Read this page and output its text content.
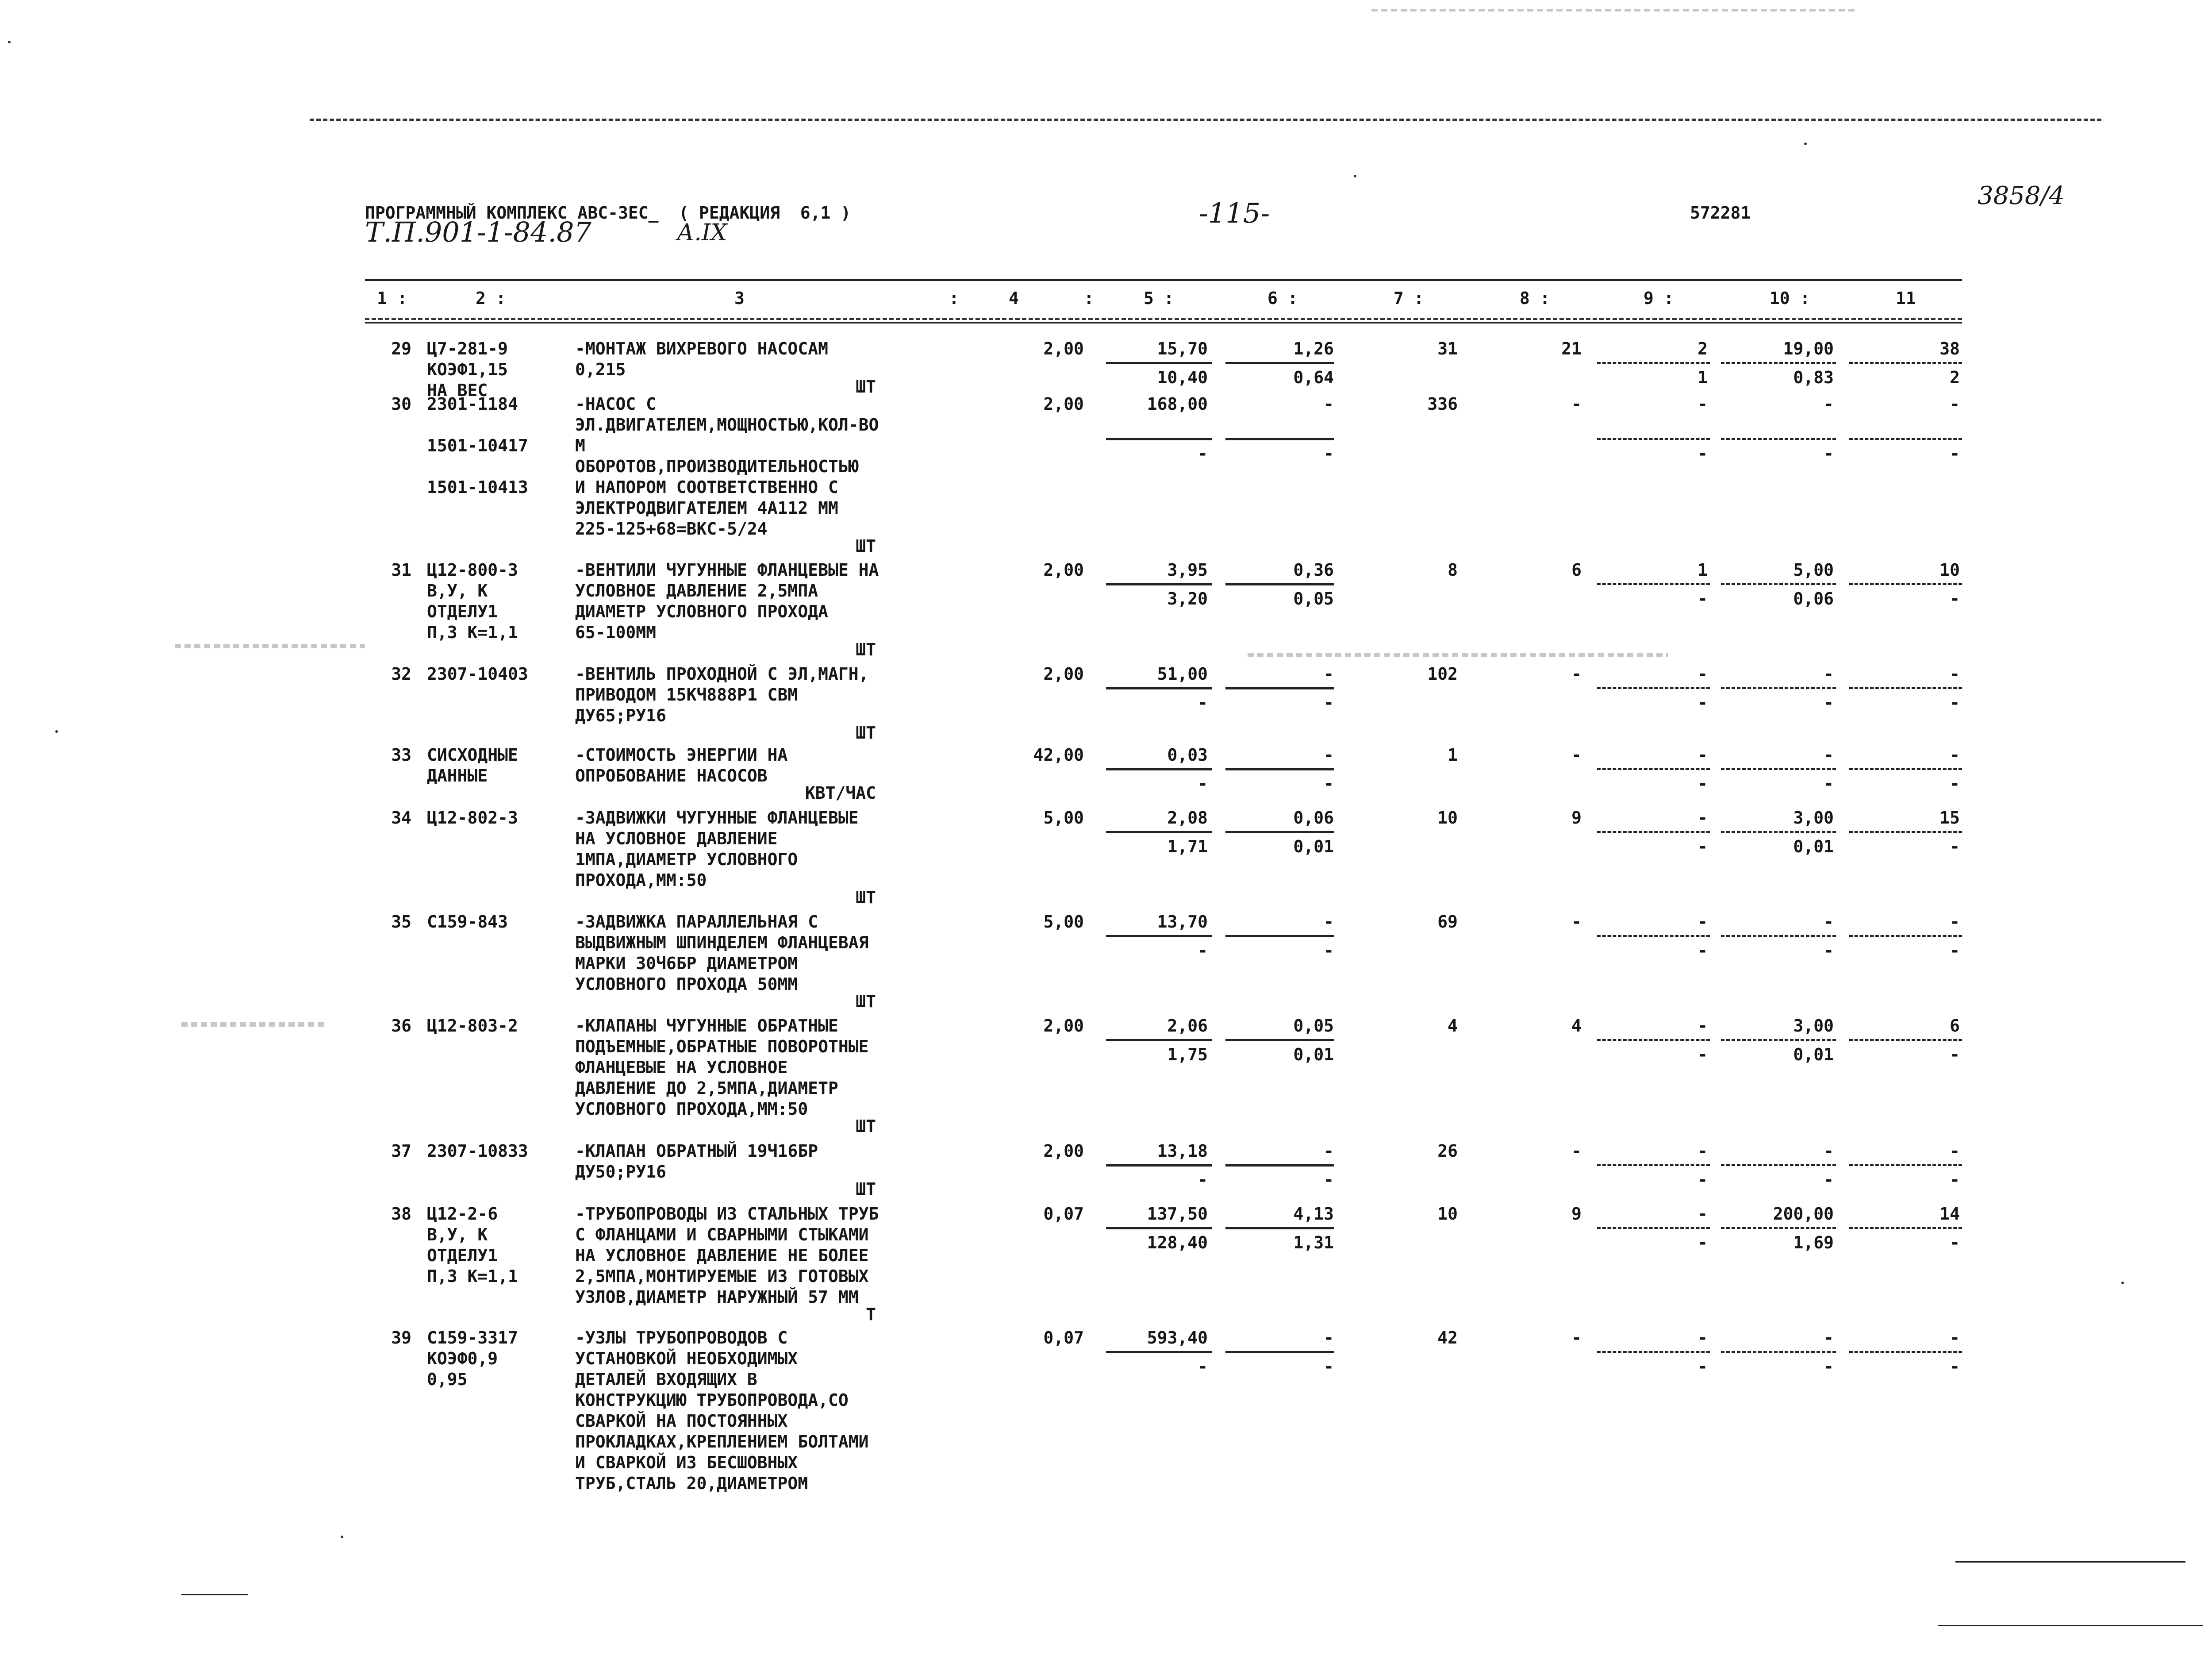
ПРОГРАММНЫЙ КОМПЛЕКС АВС-3ЕС_  ( РЕДАКЦИЯ  6,1 )	-115-	572281
Т.П.901-1-84.87	А.IX
3858/4
1 :	2 :	3	:	4	:	5 :	6 :	7 :	8 :	9 :	10 :	11
29 Ц7-281-9
КОЭФ1,15
НА ВЕС
-МОНТАЖ ВИХРЕВОГО НАСОСАМ
0,215
ШТ
2,00	15,70	1,26	31	21	2	19,00	38
10,40	0,64	1	0,83	2
30 2301-1184
1501-10417
1501-10413
-НАСОС С
ЭЛ.ДВИГАТЕЛЕМ,МОЩНОСТЬЮ,КОЛ-ВО
М
ОБОРОТОВ,ПРОИЗВОДИТЕЛЬНОСТЬЮ
И НАПОРОМ СООТВЕТСТВЕННО С
ЭЛЕКТРОДВИГАТЕЛЕМ 4А112 ММ
225-125+68=ВКС-5/24
ШТ
2,00	168,00	-	336	-	-	-	-
-	-	-	-	-
31 Ц12-800-3
В,У, К
ОТДЕЛУ1
П,3 К=1,1
-ВЕНТИЛИ ЧУГУННЫЕ ФЛАНЦЕВЫЕ НА
УСЛОВНОЕ ДАВЛЕНИЕ 2,5МПА
ДИАМЕТР УСЛОВНОГО ПРОХОДА
65-100ММ
ШТ
2,00	3,95	0,36	8	6	1	5,00	10
3,20	0,05	-	0,06	-
32 2307-10403	-ВЕНТИЛЬ ПРОХОДНОЙ С ЭЛ,МАГН,
ПРИВОДОМ 15КЧ888Р1 СВМ
ДУ65;РУ16
ШТ
2,00	51,00	-	102	-	-	-	-
-	-	-	-	-
33 СИСХОДНЫЕ
ДАННЫЕ
-СТОИМОСТЬ ЭНЕРГИИ НА
ОПРОБОВАНИЕ НАСОСОВ
КВТ/ЧАС
42,00	0,03	-	1	-	-	-	-
-	-	-	-	-
34 Ц12-802-3	-ЗАДВИЖКИ ЧУГУННЫЕ ФЛАНЦЕВЫЕ
НА УСЛОВНОЕ ДАВЛЕНИЕ
1МПА,ДИАМЕТР УСЛОВНОГО
ПРОХОДА,ММ:50
ШТ
5,00	2,08	0,06	10	9	-	3,00	15
1,71	0,01	-	0,01	-
35 С159-843	-ЗАДВИЖКА ПАРАЛЛЕЛЬНАЯ С
ВЫДВИЖНЫМ ШПИНДЕЛЕМ ФЛАНЦЕВАЯ
МАРКИ 30Ч6БР ДИАМЕТРОМ
УСЛОВНОГО ПРОХОДА 50ММ
ШТ
5,00	13,70	-	69	-	-	-	-
-	-	-	-	-
36 Ц12-803-2	-КЛАПАНЫ ЧУГУННЫЕ ОБРАТНЫЕ
ПОДЪЕМНЫЕ,ОБРАТНЫЕ ПОВОРОТНЫЕ
ФЛАНЦЕВЫЕ НА УСЛОВНОЕ
ДАВЛЕНИЕ ДО 2,5МПА,ДИАМЕТР
УСЛОВНОГО ПРОХОДА,ММ:50
ШТ
2,00	2,06	0,05	4	4	-	3,00	6
1,75	0,01	-	0,01	-
37 2307-10833	-КЛАПАН ОБРАТНЫЙ 19Ч16БР
ДУ50;РУ16
ШТ
2,00	13,18	-	26	-	-	-	-
-	-	-	-	-
38 Ц12-2-6
В,У, К
ОТДЕЛУ1
П,3 К=1,1
-ТРУБОПРОВОДЫ ИЗ СТАЛЬНЫХ ТРУБ
С ФЛАНЦАМИ И СВАРНЫМИ СТЫКАМИ
НА УСЛОВНОЕ ДАВЛЕНИЕ НЕ БОЛЕЕ
2,5МПА,МОНТИРУЕМЫЕ ИЗ ГОТОВЫХ
УЗЛОВ,ДИАМЕТР НАРУЖНЫЙ 57 ММ
Т
0,07	137,50	4,13	10	9	-	200,00	14
128,40	1,31	-	1,69	-
39 С159-3317
КОЭФ0,9
0,95
-УЗЛЫ ТРУБОПРОВОДОВ С
УСТАНОВКОЙ НЕОБХОДИМЫХ
ДЕТАЛЕЙ ВХОДЯЩИХ В
КОНСТРУКЦИЮ ТРУБОПРОВОДА,СО
СВАРКОЙ НА ПОСТОЯННЫХ
ПРОКЛАДКАХ,КРЕПЛЕНИЕМ БОЛТАМИ
И СВАРКОЙ ИЗ БЕСШОВНЫХ
ТРУБ,СТАЛЬ 20,ДИАМЕТРОМ
0,07	593,40	-	42	-	-	-	-
-	-	-	-	-
